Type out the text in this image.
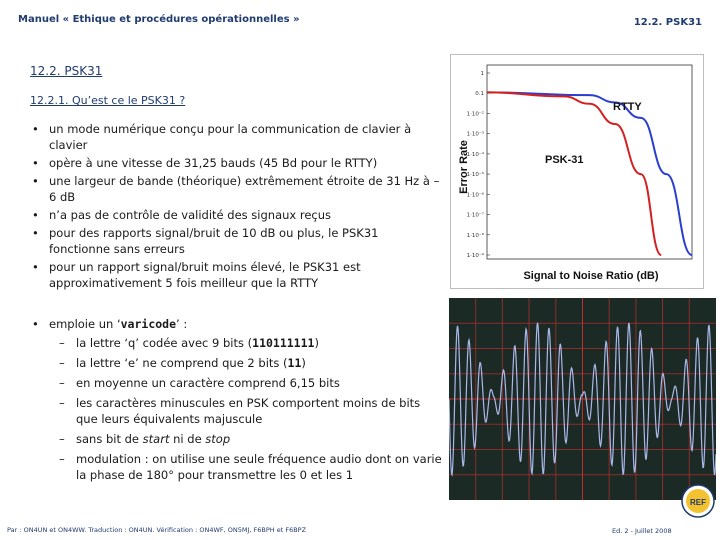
Manuel « Ethique et procédures opérationnelles »	12.2. PSK31
12.2. PSK31
12.2.1. Qu’est ce le PSK31 ?
• un mode numérique conçu pour la communication de clavier à clavier
• opère à une vitesse de 31,25 bauds (45 Bd pour le RTTY)
• une largeur de bande (théorique) extrêmement étroite de 31 Hz à – 6 dB
• n’a pas de contrôle de validité des signaux reçus
• pour des rapports signal/bruit de 10 dB ou plus, le PSK31 fonctionne sans erreurs
• pour un rapport signal/bruit moins élevé, le PSK31 est approximativement 5 fois meilleur que la RTTY
• emploie un ‘varicode’ :
– la lettre ‘q’ codée avec 9 bits (110111111)
– la lettre ‘e’ ne comprend que 2 bits (11)
– en moyenne un caractère comprend 6,15 bits
– les caractères minuscules en PSK comportent moins de bits que leurs équivalents majuscule
– sans bit de start ni de stop
– modulation : on utilise une seule fréquence audio dont on varie la phase de 180° pour transmettre les 0 et les 1
1
0.1
1·10⁻²
1·10⁻³
1·10⁻⁴
1·10⁻⁵
1·10⁻⁶
1·10⁻⁷
1·10⁻⁸
1·10⁻⁹
RTTY
PSK-31
Error Rate
Signal to Noise Ratio (dB)
Par : ON4UN et ON4WW. Traduction : ON4UN. Vérification : ON4WF, ON5MJ, F6BPH et F6BPZ	Ed. 2 - Juillet 2008
REF
